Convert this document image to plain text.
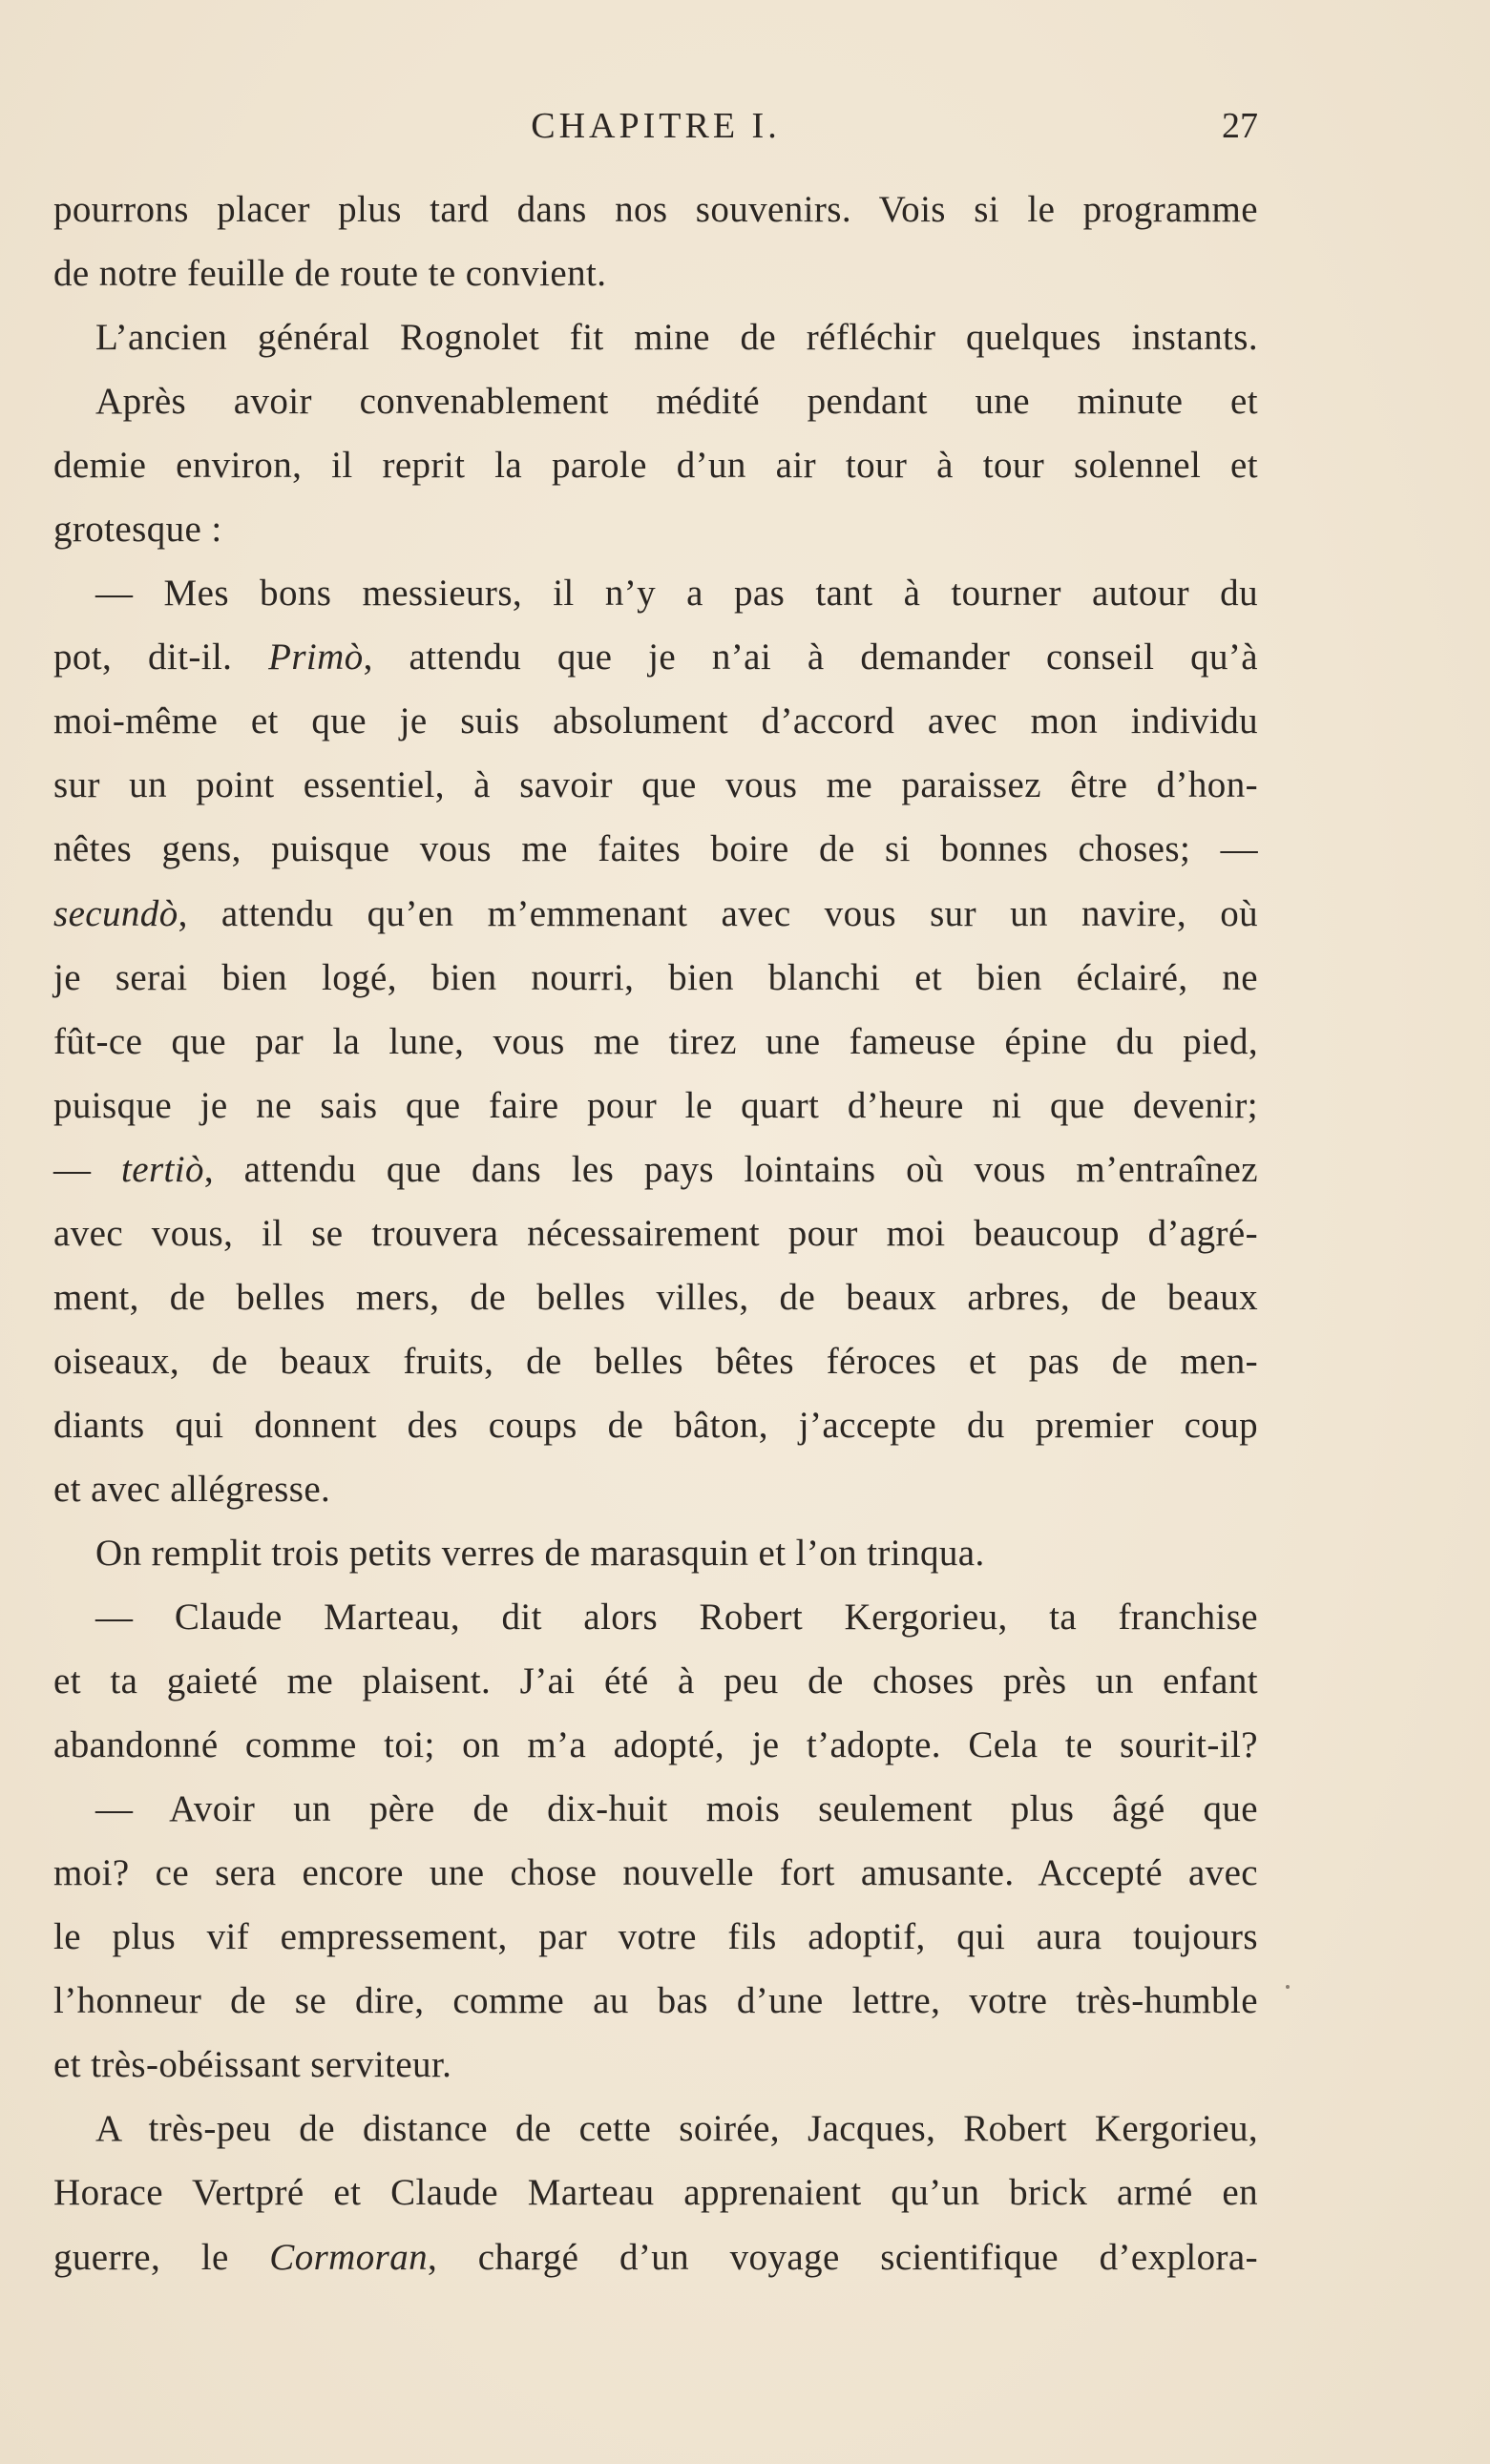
CHAPITRE I.	27
pourrons placer plus tard dans nos souvenirs. Vois si le programme
de notre feuille de route te convient.
L’ancien général Rognolet fit mine de réfléchir quelques instants.
Après avoir convenablement médité pendant une minute et
demie environ, il reprit la parole d’un air tour à tour solennel et
grotesque :
— Mes bons messieurs, il n’y a pas tant à tourner autour du
pot, dit-il. Primò, attendu que je n’ai à demander conseil qu’à
moi-même et que je suis absolument d’accord avec mon individu
sur un point essentiel, à savoir que vous me paraissez être d’hon-
nêtes gens, puisque vous me faites boire de si bonnes choses; —
secundò, attendu qu’en m’emmenant avec vous sur un navire, où
je serai bien logé, bien nourri, bien blanchi et bien éclairé, ne
fût-ce que par la lune, vous me tirez une fameuse épine du pied,
puisque je ne sais que faire pour le quart d’heure ni que devenir;
— tertiò, attendu que dans les pays lointains où vous m’entraînez
avec vous, il se trouvera nécessairement pour moi beaucoup d’agré-
ment, de belles mers, de belles villes, de beaux arbres, de beaux
oiseaux, de beaux fruits, de belles bêtes féroces et pas de men-
diants qui donnent des coups de bâton, j’accepte du premier coup
et avec allégresse.
On remplit trois petits verres de marasquin et l’on trinqua.
— Claude Marteau, dit alors Robert Kergorieu, ta franchise
et ta gaieté me plaisent. J’ai été à peu de choses près un enfant
abandonné comme toi; on m’a adopté, je t’adopte. Cela te sourit-il?
— Avoir un père de dix-huit mois seulement plus âgé que
moi? ce sera encore une chose nouvelle fort amusante. Accepté avec
le plus vif empressement, par votre fils adoptif, qui aura toujours
l’honneur de se dire, comme au bas d’une lettre, votre très-humble
et très-obéissant serviteur.
A très-peu de distance de cette soirée, Jacques, Robert Kergorieu,
Horace Vertpré et Claude Marteau apprenaient qu’un brick armé en
guerre, le Cormoran, chargé d’un voyage scientifique d’explora-
